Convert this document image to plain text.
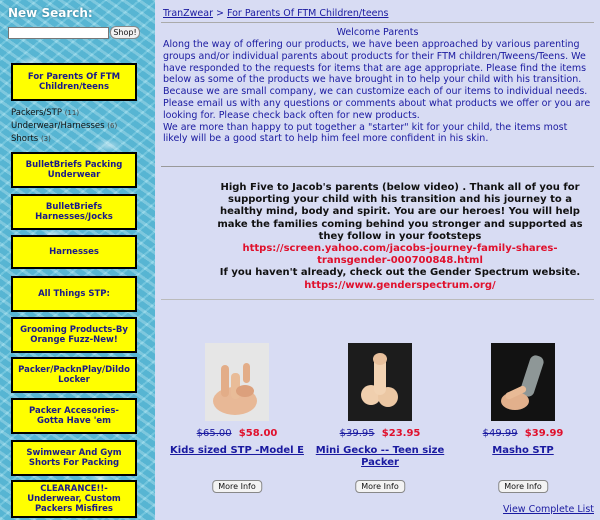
New Search:
Shop!
For Parents Of FTM Children/teens
Packers/STP (11)
Underwear/Harnesses (6)
Shorts (3)
BulletBriefs Packing Underwear
BulletBriefs Harnesses/Jocks
Harnesses
All Things STP:
Grooming Products-By Orange Fuzz-New!
Packer/PacknPlay/Dildo Locker
Packer Accesories-Gotta Have 'em
Swimwear And Gym Shorts For Packing
CLEARANCE!!- Underwear, Custom Packers Misfires
TranZwear > For Parents Of FTM Children/teens
Welcome Parents

Along the way of offering our products, we have been approached by various parenting groups and/or individual parents about products for their FTM children/Tweens/Teens. We have responded to the requests for items that are age appropriate. Please find the items below as some of the products we have brought in to help your child with his transition. Because we are small company, we can customize each of our items to individual needs. Please email us with any questions or comments about what products we offer or you are looking for. Please check back often for new products.

We are more than happy to put together a "starter" kit for your child, the items most likely will be a good start to help him feel more confident in his skin.

High Five to Jacob's parents (below video) . Thank all of you for supporting your child with his transition and his journey to a healthy mind, body and spirit. You are our heroes! You will help make the families coming behind you stronger and supported as they follow in your footsteps
https://screen.yahoo.com/jacobs-journey-family-shares-transgender-000700848.html
If you haven't already, check out the Gender Spectrum website.
https://www.genderspectrum.org/
$65.00 $58.00
Kids sized STP -Model E
More Info
$39.95 $23.95
Mini Gecko -- Teen size Packer
More Info
$49.99 $39.99
Masho STP
More Info
View Complete List
